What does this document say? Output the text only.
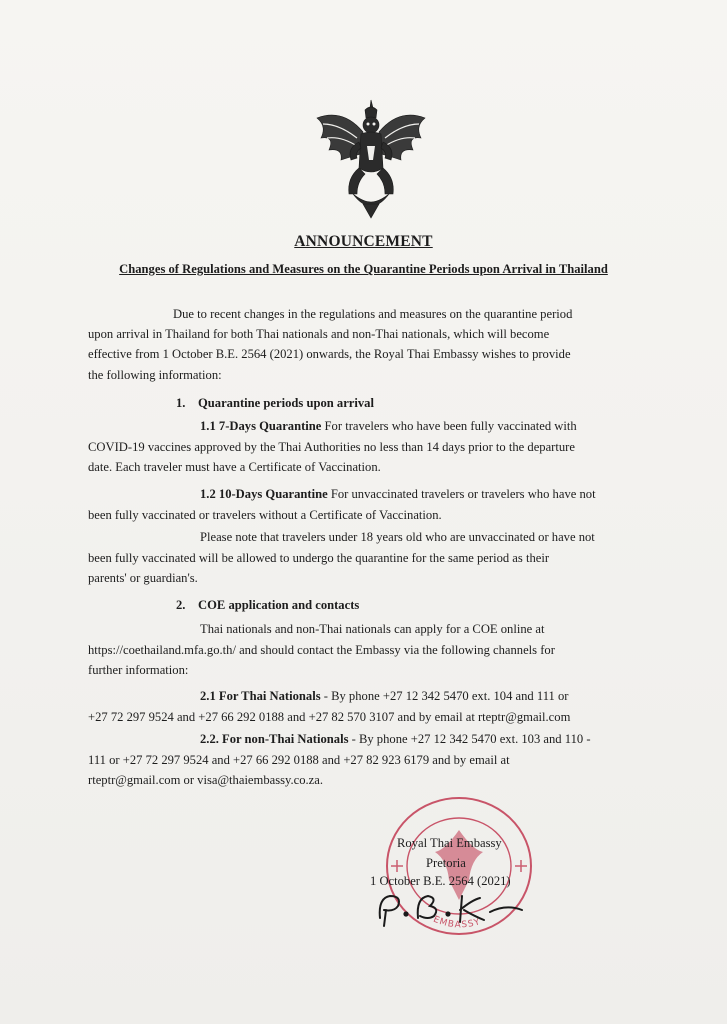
ANNOUNCEMENT
Changes of Regulations and Measures on the Quarantine Periods upon Arrival in Thailand
Due to recent changes in the regulations and measures on the quarantine period
upon arrival in Thailand for both Thai nationals and non-Thai nationals, which will become
effective from 1 October B.E. 2564 (2021) onwards, the Royal Thai Embassy wishes to provide
the following information:
1. Quarantine periods upon arrival
1.1 7-Days Quarantine For travelers who have been fully vaccinated with
COVID-19 vaccines approved by the Thai Authorities no less than 14 days prior to the departure
date. Each traveler must have a Certificate of Vaccination.
1.2 10-Days Quarantine For unvaccinated travelers or travelers who have not
been fully vaccinated or travelers without a Certificate of Vaccination.
Please note that travelers under 18 years old who are unvaccinated or have not
been fully vaccinated will be allowed to undergo the quarantine for the same period as their
parents' or guardian's.
2. COE application and contacts
Thai nationals and non-Thai nationals can apply for a COE online at
https://coethailand.mfa.go.th/ and should contact the Embassy via the following channels for
further information:
2.1 For Thai Nationals - By phone +27 12 342 5470 ext. 104 and 111 or
+27 72 297 9524 and +27 66 292 0188 and +27 82 570 3107 and by email at rteptr@gmail.com
2.2. For non-Thai Nationals - By phone +27 12 342 5470 ext. 103 and 110 -
111 or +27 72 297 9524 and +27 66 292 0188 and +27 82 923 6179 and by email at
rteptr@gmail.com or visa@thaiembassy.co.za.
EMBASSY
Royal Thai Embassy
Pretoria
1 October B.E. 2564 (2021)
